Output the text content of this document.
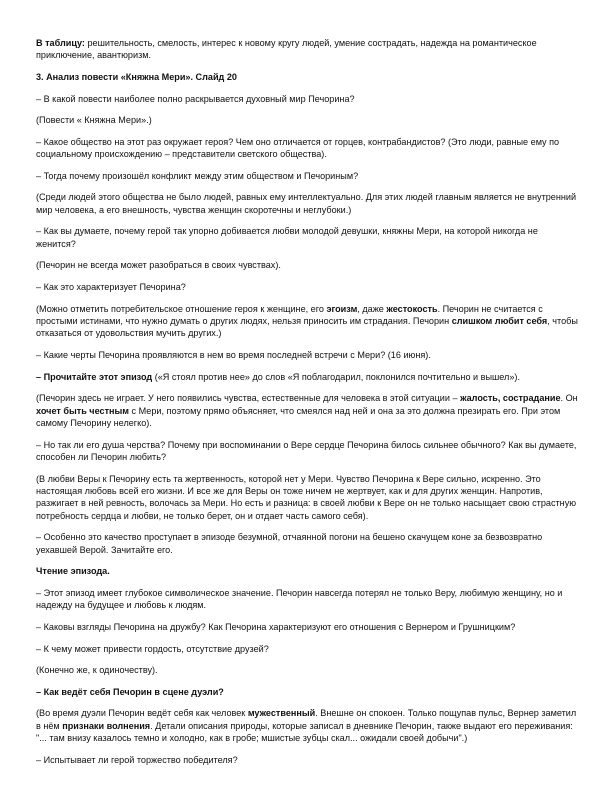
В таблицу: решительность, смелость, интерес к новому кругу людей, умение сострадать, надежда на романтическое приключение, авантюризм.

3. Анализ повести «Княжна Мери». Слайд 20

– В какой повести наиболее полно раскрывается духовный мир Печорина?

(Повести « Княжна Мери».)

– Какое общество на этот раз окружает героя? Чем оно отличается от горцев, контрабандистов? (Это люди, равные ему по социальному происхождению – представители светского общества).

– Тогда почему произошёл конфликт между этим обществом и Печориным?

(Среди людей этого общества не было людей, равных ему интеллектуально. Для этих людей главным является не внутренний мир человека, а его внешность, чувства женщин скоротечны и неглубоки.)

– Как вы думаете, почему герой так упорно добивается любви молодой девушки, княжны Мери, на которой никогда не женится?

(Печорин не всегда может разобраться в своих чувствах).

– Как это характеризует Печорина?

(Можно отметить потребительское отношение героя к женщине, его эгоизм, даже жестокость. Печорин не считается с простыми истинами, что нужно думать о других людях, нельзя приносить им страдания. Печорин слишком любит себя, чтобы отказаться от удовольствия мучить других.)

– Какие черты Печорина проявляются в нем во время последней встречи с Мери? (16 июня).

– Прочитайте этот эпизод («Я стоял против нее» до слов «Я поблагодарил, поклонился почтительно и вышел»).

(Печорин здесь не играет. У него появились чувства, естественные для человека в этой ситуации – жалость, сострадание. Он хочет быть честным с Мери, поэтому прямо объясняет, что смеялся над ней и она за это должна презирать его. При этом самому Печорину нелегко).

– Но так ли его душа черства? Почему при воспоминании о Вере сердце Печорина билось сильнее обычного? Как вы думаете, способен ли Печорин любить?

(В любви Веры к Печорину есть та жертвенность, которой нет у Мери. Чувство Печорина к Вере сильно, искренно. Это настоящая любовь всей его жизни. И все же для Веры он тоже ничем не жертвует, как и для других женщин. Напротив, разжигает в ней ревность, волочась за Мери. Но есть и разница: в своей любви к Вере он не только насыщает свою страстную потребность сердца и любви, не только берет, он и отдает часть самого себя).

– Особенно это качество проступает в эпизоде безумной, отчаянной погони на бешено скачущем коне за безвозвратно уехавшей Верой. Зачитайте его.

Чтение эпизода.

– Этот эпизод имеет глубокое символическое значение. Печорин навсегда потерял не только Веру, любимую женщину, но и надежду на будущее и любовь к людям.

– Каковы взгляды Печорина на дружбу? Как Печорина характеризуют его отношения с Вернером и Грушницким?

– К чему может привести гордость, отсутствие друзей?

(Конечно же, к одиночеству).

– Как ведёт себя Печорин в сцене дуэли?

(Во время дуэли Печорин ведёт себя как человек мужественный. Внешне он спокоен. Только пощупав пульс, Вернер заметил в нём признаки волнения. Детали описания природы, которые записал в дневнике Печорин, также выдают его переживания: "... там внизу казалось темно и холодно, как в гробе; мшистые зубцы скал... ожидали своей добычи".)

– Испытывает ли герой торжество победителя?
